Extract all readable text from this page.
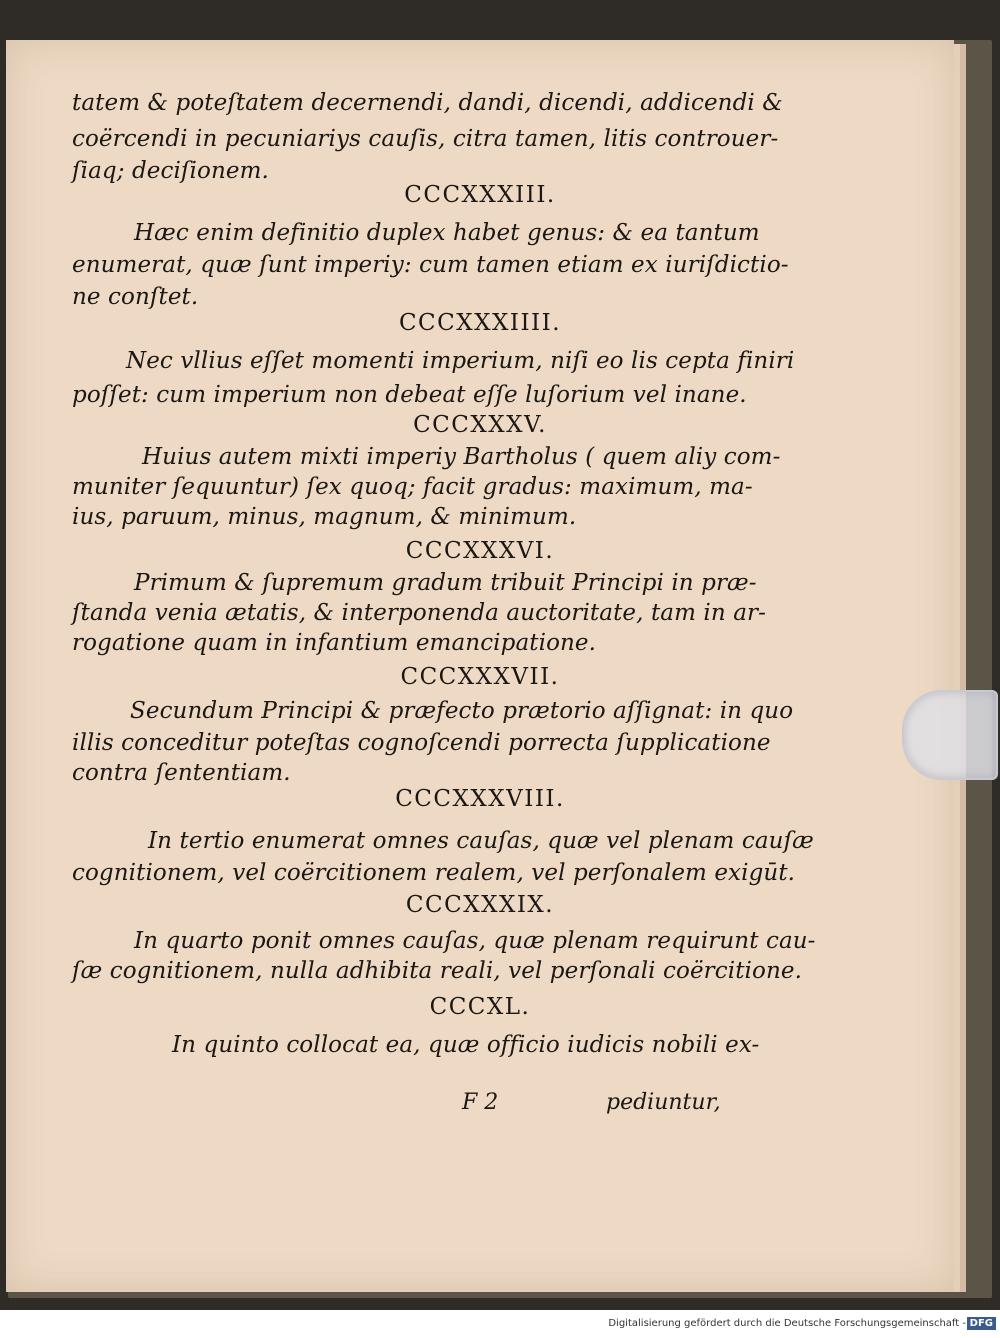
tatem & poteſtatem decernendi, dandi, dicendi, addicendi &
coërcendi in pecuniariys cauſis, citra tamen, litis controuer-
ſiaq; deciſionem.
CCCXXXIII.
Hæc enim definitio duplex habet genus: & ea tantum
enumerat, quæ ſunt imperiy: cum tamen etiam ex iuriſdictio-
ne conſtet.
CCCXXXIIII.
Nec vllius eſſet momenti imperium, niſi eo lis cepta finiri
poſſet: cum imperium non debeat eſſe luſorium vel inane.
CCCXXXV.
Huius autem mixti imperiy Bartholus ( quem aliy com-
muniter ſequuntur) ſex quoq; facit gradus: maximum, ma-
ius, paruum, minus, magnum, & minimum.
CCCXXXVI.
Primum & ſupremum gradum tribuit Principi in præ-
ſtanda venia ætatis, & interponenda auctoritate, tam in ar-
rogatione quam in infantium emancipatione.
CCCXXXVII.
Secundum Principi & præfecto prætorio aſſignat: in quo
illis conceditur poteſtas cognoſcendi porrecta ſupplicatione
contra ſententiam.
CCCXXXVIII.
In tertio enumerat omnes cauſas, quæ vel plenam cauſæ
cognitionem, vel coërcitionem realem, vel perſonalem exigūt.
CCCXXXIX.
In quarto ponit omnes cauſas, quæ plenam requirunt cau-
ſæ cognitionem, nulla adhibita reali, vel perſonali coërcitione.
CCCXL.
In quinto collocat ea, quæ officio iudicis nobili ex-
F 2	pediuntur,
Digitalisierung gefördert durch die Deutsche Forschungsgemeinschaft - DFG
